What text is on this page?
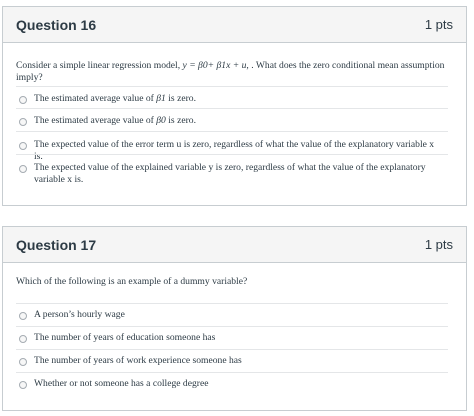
Question 16	1 pts
Consider a simple linear regression model, y = β0+ β1x + u, . What does the zero conditional mean assumption imply?
The estimated average value of β1 is zero.
The estimated average value of β0 is zero.
The expected value of the error term u is zero, regardless of what the value of the explanatory variable x is.
The expected value of the explained variable y is zero, regardless of what the value of the explanatory variable x is.
Question 17	1 pts
Which of the following is an example of a dummy variable?
A person’s hourly wage
The number of years of education someone has
The number of years of work experience someone has
Whether or not someone has a college degree
